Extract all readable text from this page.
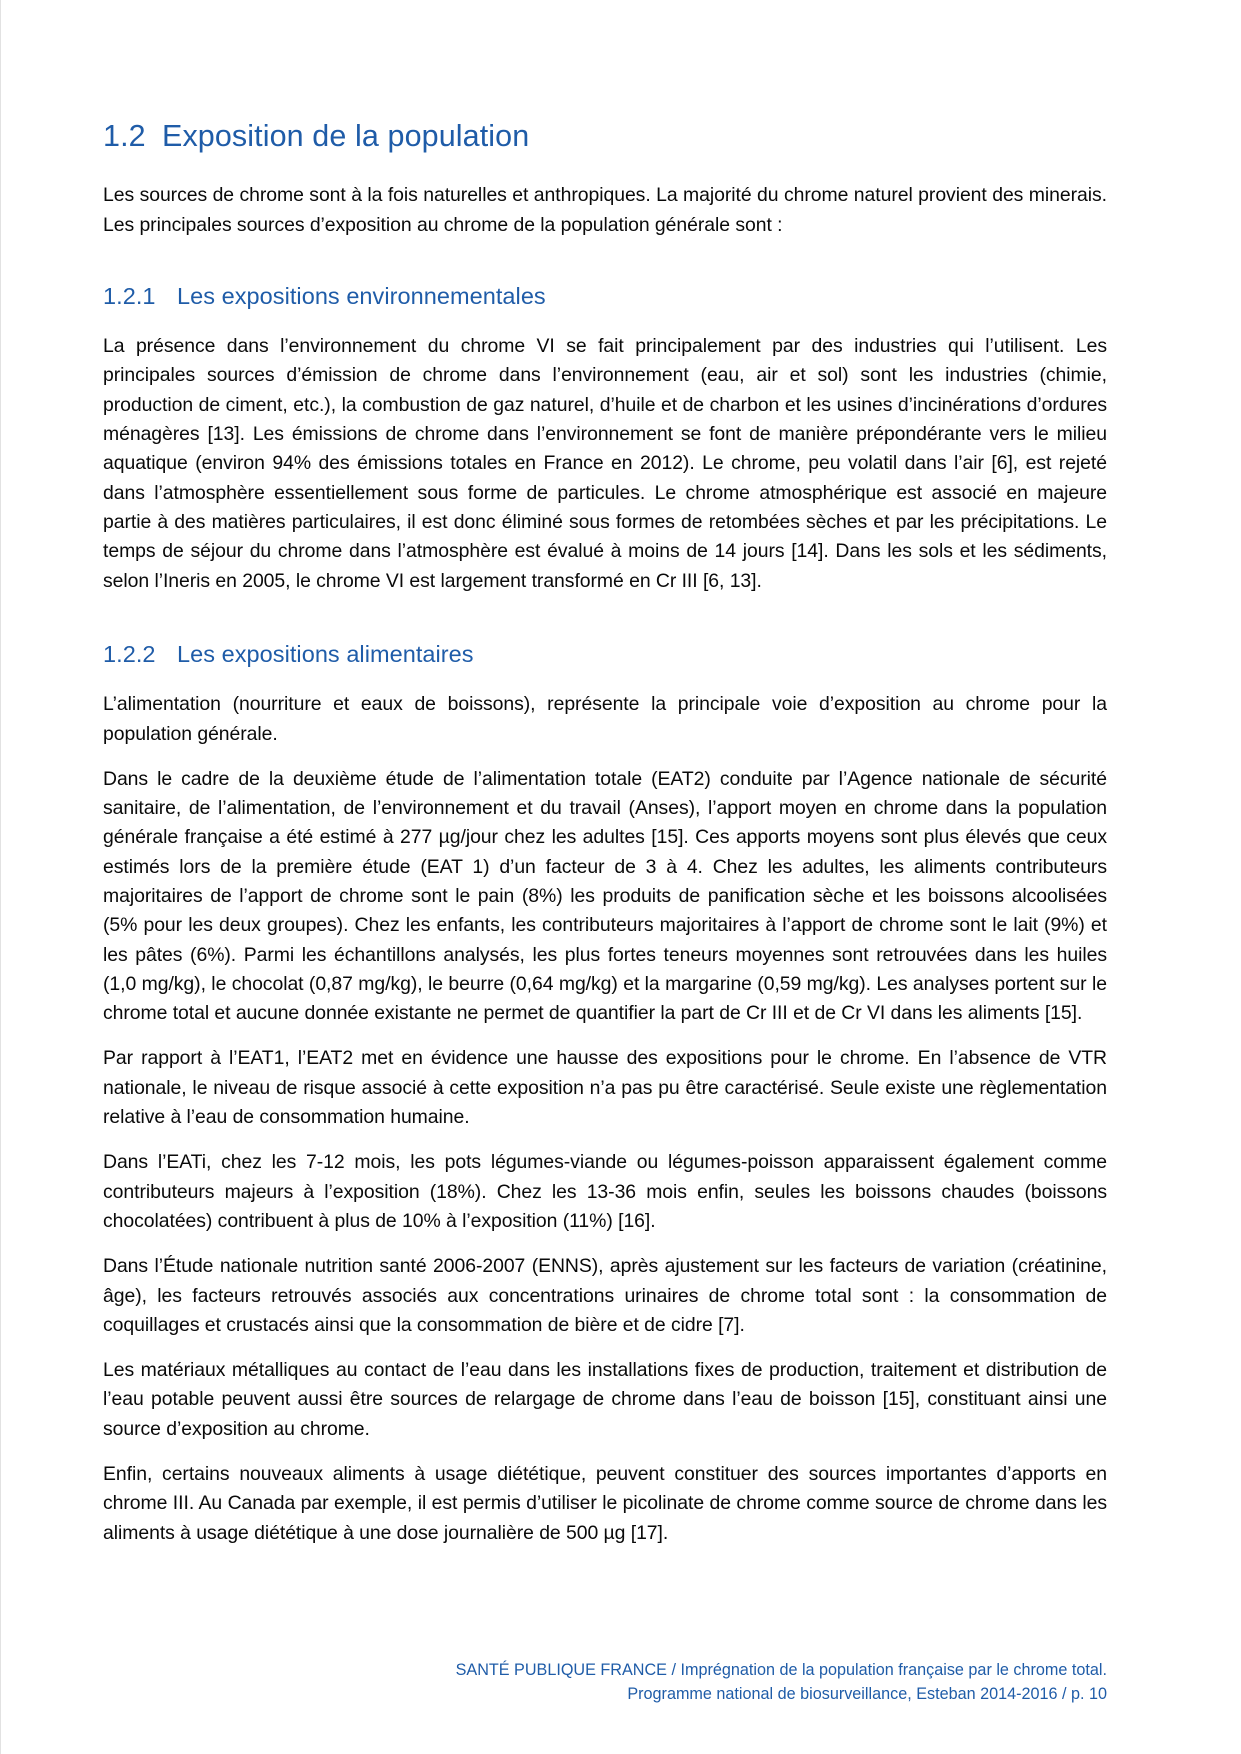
1.2 Exposition de la population

Les sources de chrome sont à la fois naturelles et anthropiques. La majorité du chrome naturel provient des minerais. Les principales sources d’exposition au chrome de la population générale sont :

1.2.1 Les expositions environnementales

La présence dans l’environnement du chrome VI se fait principalement par des industries qui l’utilisent. Les principales sources d’émission de chrome dans l’environnement (eau, air et sol) sont les industries (chimie, production de ciment, etc.), la combustion de gaz naturel, d’huile et de charbon et les usines d’incinérations d’ordures ménagères [13]. Les émissions de chrome dans l’environnement se font de manière prépondérante vers le milieu aquatique (environ 94% des émissions totales en France en 2012). Le chrome, peu volatil dans l’air [6], est rejeté dans l’atmosphère essentiellement sous forme de particules. Le chrome atmosphérique est associé en majeure partie à des matières particulaires, il est donc éliminé sous formes de retombées sèches et par les précipitations. Le temps de séjour du chrome dans l’atmosphère est évalué à moins de 14 jours [14]. Dans les sols et les sédiments, selon l’Ineris en 2005, le chrome VI est largement transformé en Cr III [6, 13].

1.2.2 Les expositions alimentaires

L’alimentation (nourriture et eaux de boissons), représente la principale voie d’exposition au chrome pour la population générale.

Dans le cadre de la deuxième étude de l’alimentation totale (EAT2) conduite par l’Agence nationale de sécurité sanitaire, de l’alimentation, de l’environnement et du travail (Anses), l’apport moyen en chrome dans la population générale française a été estimé à 277 µg/jour chez les adultes [15]. Ces apports moyens sont plus élevés que ceux estimés lors de la première étude (EAT 1) d’un facteur de 3 à 4. Chez les adultes, les aliments contributeurs majoritaires de l’apport de chrome sont le pain (8%) les produits de panification sèche et les boissons alcoolisées (5% pour les deux groupes). Chez les enfants, les contributeurs majoritaires à l’apport de chrome sont le lait (9%) et les pâtes (6%). Parmi les échantillons analysés, les plus fortes teneurs moyennes sont retrouvées dans les huiles (1,0 mg/kg), le chocolat (0,87 mg/kg), le beurre (0,64 mg/kg) et la margarine (0,59 mg/kg). Les analyses portent sur le chrome total et aucune donnée existante ne permet de quantifier la part de Cr III et de Cr VI dans les aliments [15].

Par rapport à l’EAT1, l’EAT2 met en évidence une hausse des expositions pour le chrome. En l’absence de VTR nationale, le niveau de risque associé à cette exposition n’a pas pu être caractérisé. Seule existe une règlementation relative à l’eau de consommation humaine.

Dans l’EATi, chez les 7-12 mois, les pots légumes-viande ou légumes-poisson apparaissent également comme contributeurs majeurs à l’exposition (18%). Chez les 13-36 mois enfin, seules les boissons chaudes (boissons chocolatées) contribuent à plus de 10% à l’exposition (11%) [16].

Dans l’Étude nationale nutrition santé 2006-2007 (ENNS), après ajustement sur les facteurs de variation (créatinine, âge), les facteurs retrouvés associés aux concentrations urinaires de chrome total sont : la consommation de coquillages et crustacés ainsi que la consommation de bière et de cidre [7].

Les matériaux métalliques au contact de l’eau dans les installations fixes de production, traitement et distribution de l’eau potable peuvent aussi être sources de relargage de chrome dans l’eau de boisson [15], constituant ainsi une source d’exposition au chrome.

Enfin, certains nouveaux aliments à usage diététique, peuvent constituer des sources importantes d’apports en chrome III. Au Canada par exemple, il est permis d’utiliser le picolinate de chrome comme source de chrome dans les aliments à usage diététique à une dose journalière de 500 µg [17].

SANTÉ PUBLIQUE FRANCE / Imprégnation de la population française par le chrome total.
Programme national de biosurveillance, Esteban 2014-2016 / p. 10
